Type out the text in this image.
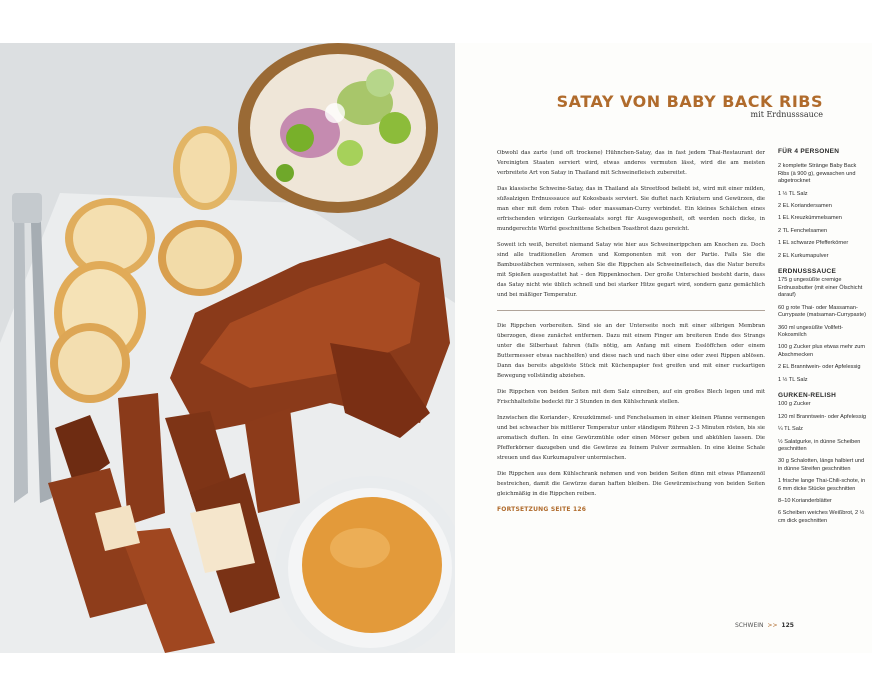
SATAY VON BABY BACK RIBS
mit Erdnusssauce

Obwohl das zarte (und oft trockene) Hühnchen-Satay, das in fast jedem Thai-Restaurant der Vereinigten Staaten serviert wird, etwas anderes vermuten lässt, wird die am meisten verbreitete Art von Satay in Thailand mit Schweinefleisch zubereitet.

Das klassische Schweine-Satay, das in Thailand als Streetfood beliebt ist, wird mit einer milden, süßsalzigen Erdnusssauce auf Kokosbasis serviert. Sie duftet nach Kräutern und Gewürzen, die man eher mit dem roten Thai- oder massaman-Curry verbindet. Ein kleines Schälchen eines erfrischenden würzigen Gurkensalats sorgt für Ausgewogenheit, oft werden noch dicke, in mundgerechte Würfel geschnittene Scheiben Toastbrot dazu gereicht.

Soweit ich weiß, bereitet niemand Satay wie hier aus Schweinerippchen am Knochen zu. Doch sind alle traditionellen Aromen und Komponenten mit von der Partie. Falls Sie die Bambusstäbchen vermissen, sehen Sie die Rippchen als Schweinefleisch, das die Natur bereits mit Spießen ausgestattet hat – den Rippenknochen. Der große Unterschied besteht darin, dass das Satay nicht wie üblich schnell und bei starker Hitze gegart wird, sondern ganz gemächlich und bei mäßiger Temperatur.

Die Rippchen vorbereiten. Sind sie an der Unterseite noch mit einer silbrigen Membran überzogen, diese zunächst entfernen. Dazu mit einem Finger am breiteren Ende des Strangs unter die Silberhaut fahren (falls nötig, am Anfang mit einem Esslöffchen oder einem Buttermesser etwas nachhelfen) und diese nach und nach über eine oder zwei Rippen ablösen. Dann das bereits abgelöste Stück mit Küchenpapier fest greifen und mit einer ruckartigen Bewegung vollständig abziehen.

Die Rippchen von beiden Seiten mit dem Salz einreiben, auf ein großes Blech legen und mit Frischhaltefolie bedeckt für 3 Stunden in den Kühlschrank stellen.

Inzwischen die Koriander-, Kreuzkümmel- und Fenchelsamen in einer kleinen Pfanne vermengen und bei schwacher bis mittlerer Temperatur unter ständigem Rühren 2–3 Minuten rösten, bis sie aromatisch duften. In eine Gewürzmühle oder einen Mörser geben und abkühlen lassen. Die Pfefferkörner dazugeben und die Gewürze zu feinem Pulver zermahlen. In eine kleine Schale streuen und das Kurkumapulver untermischen.

Die Rippchen aus dem Kühlschrank nehmen und von beiden Seiten dünn mit etwas Pflanzenöl bestreichen, damit die Gewürze daran haften bleiben. Die Gewürzmischung von beiden Seiten gleichmäßig in die Rippchen reiben.

FORTSETZUNG SEITE 126
FÜR 4 PERSONEN
2 komplette Stränge Baby Back Ribs (à 900 g), gewaschen und abgetrocknet
1 ½ TL Salz
2 EL Koriandersamen
1 EL Kreuzkümmelsamen
2 TL Fenchelsamen
1 EL schwarze Pfefferkörner
2 EL Kurkumapulver
ERDNUSSSAUCE
175 g ungesüßte cremige Erdnussbutter (mit einer Ölschicht darauf)
60 g rote Thai- oder Massaman-Currypaste (matsaman-Currypaste)
360 ml ungesüßte Vollfett-Kokosmilch
100 g Zucker plus etwas mehr zum Abschmecken
2 EL Branntwein- oder Apfelessig
1 ½ TL Salz
GURKEN-RELISH
100 g Zucker
120 ml Branntwein- oder Apfelessig
¼ TL Salz
½ Salatgurke, in dünne Scheiben geschnitten
30 g Schalotten, längs halbiert und in dünne Streifen geschnitten
1 frische lange Thai-Chili-schote, in 6 mm dicke Stücke geschnitten
8–10 Korianderblätter
6 Scheiben weiches Weißbrot, 2 ½ cm dick geschnitten
SCHWEIN >> 125
